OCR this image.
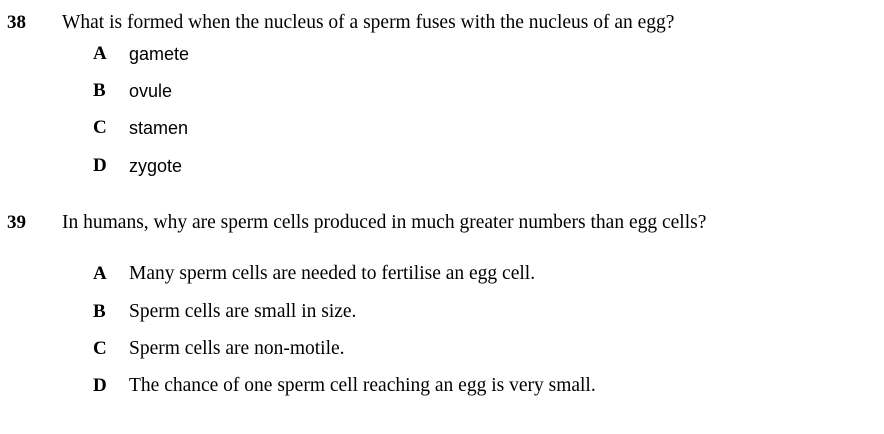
38 What is formed when the nucleus of a sperm fuses with the nucleus of an egg?
A gamete
B ovule
C stamen
D zygote
39 In humans, why are sperm cells produced in much greater numbers than egg cells?
A Many sperm cells are needed to fertilise an egg cell.
B Sperm cells are small in size.
C Sperm cells are non-motile.
D The chance of one sperm cell reaching an egg is very small.
